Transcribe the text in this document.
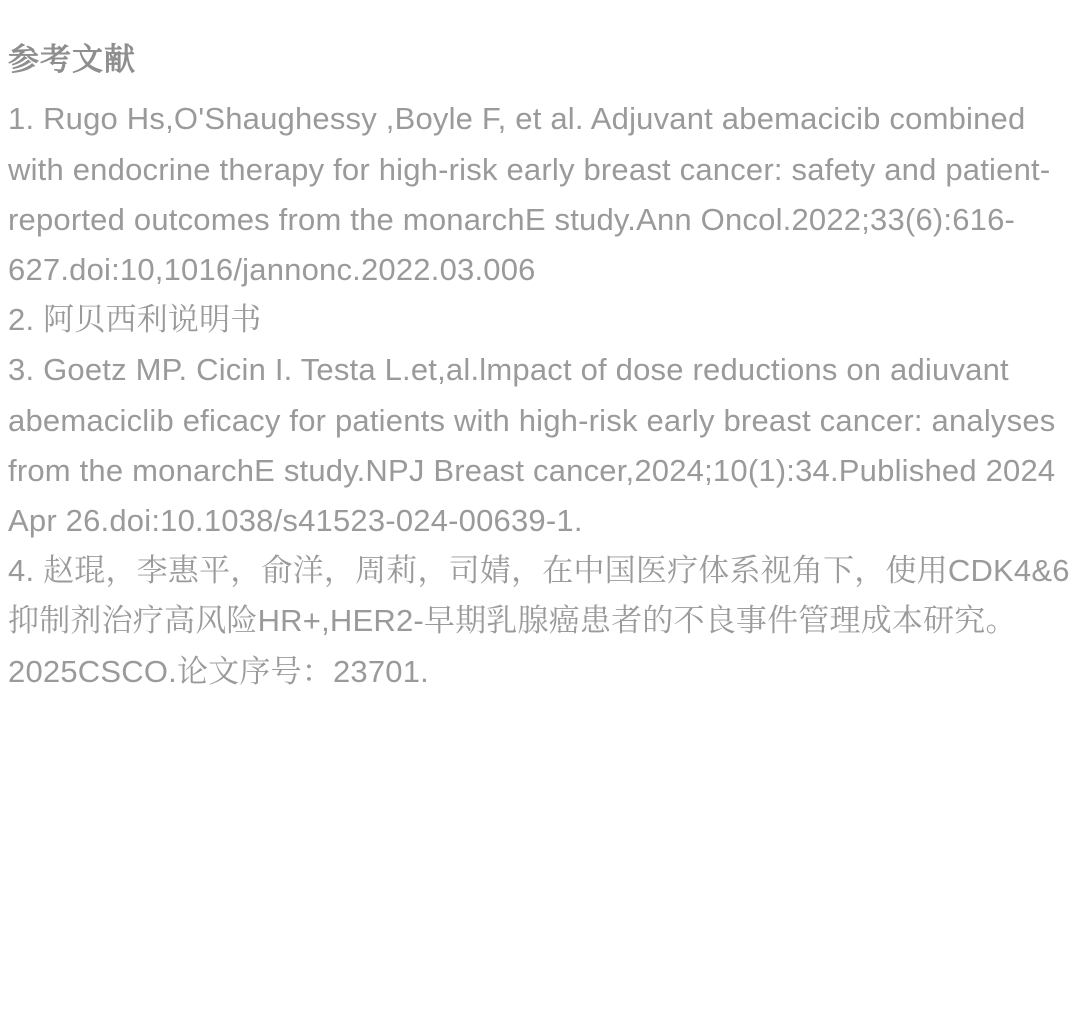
参考文献
1. Rugo Hs,O'Shaughessy ,Boyle F, et al. Adjuvant abemacicib combined with endocrine therapy for high-risk early breast cancer: safety and patient-reported outcomes from the monarchE study.Ann Oncol.2022;33(6):616-627.doi:10,1016/jannonc.2022.03.006
2. 阿贝西利说明书
3. Goetz MP. Cicin I. Testa L.et,al.lmpact of dose reductions on adiuvant abemaciclib eficacy for patients with high-risk early breast cancer: analyses from the monarchE study.NPJ Breast cancer,2024;10(1):34.Published 2024 Apr 26.doi:10.1038/s41523-024-00639-1.
4. 赵琨，李惠平，俞洋，周莉，司婧，在中国医疗体系视角下，使用CDK4&6抑制剂治疗高风险HR+,HER2-早期乳腺癌患者的不良事件管理成本研究。2025CSCO.论文序号：23701.
